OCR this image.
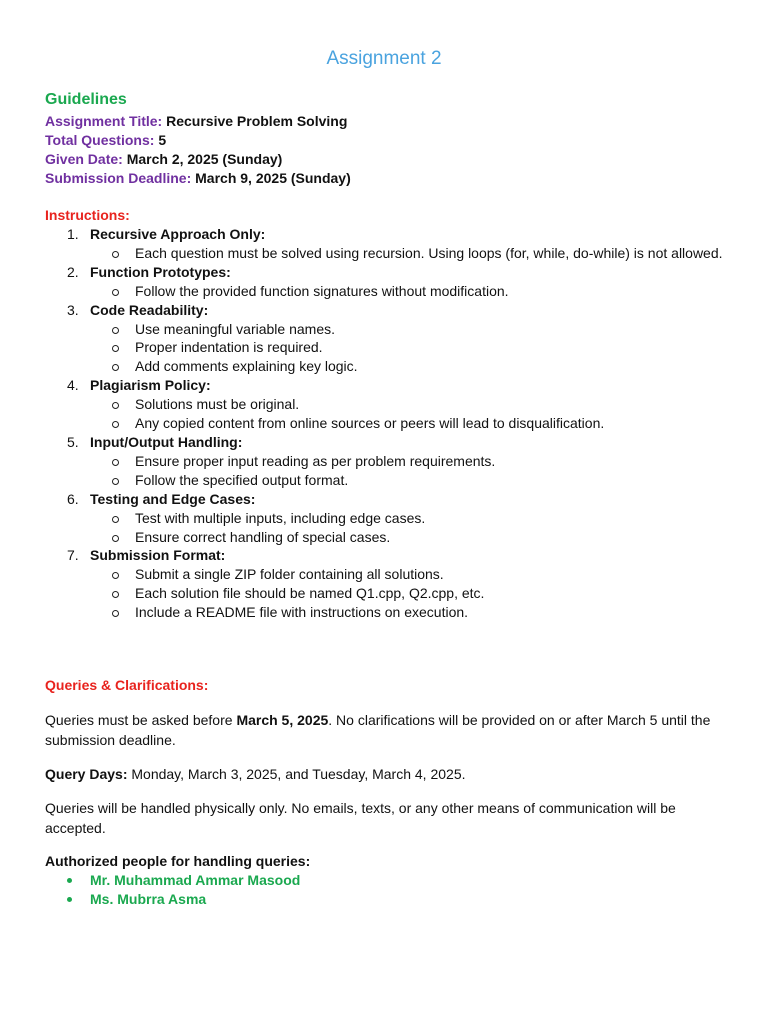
Assignment 2
Guidelines
Assignment Title: Recursive Problem Solving
Total Questions: 5
Given Date: March 2, 2025 (Sunday)
Submission Deadline: March 9, 2025 (Sunday)
Instructions:
1. Recursive Approach Only:
Each question must be solved using recursion. Using loops (for, while, do-while) is not allowed.
2. Function Prototypes:
Follow the provided function signatures without modification.
3. Code Readability:
Use meaningful variable names.
Proper indentation is required.
Add comments explaining key logic.
4. Plagiarism Policy:
Solutions must be original.
Any copied content from online sources or peers will lead to disqualification.
5. Input/Output Handling:
Ensure proper input reading as per problem requirements.
Follow the specified output format.
6. Testing and Edge Cases:
Test with multiple inputs, including edge cases.
Ensure correct handling of special cases.
7. Submission Format:
Submit a single ZIP folder containing all solutions.
Each solution file should be named Q1.cpp, Q2.cpp, etc.
Include a README file with instructions on execution.
Queries & Clarifications:
Queries must be asked before March 5, 2025. No clarifications will be provided on or after March 5 until the submission deadline.
Query Days: Monday, March 3, 2025, and Tuesday, March 4, 2025.
Queries will be handled physically only. No emails, texts, or any other means of communication will be accepted.
Authorized people for handling queries:
Mr. Muhammad Ammar Masood
Ms. Mubrra Asma
